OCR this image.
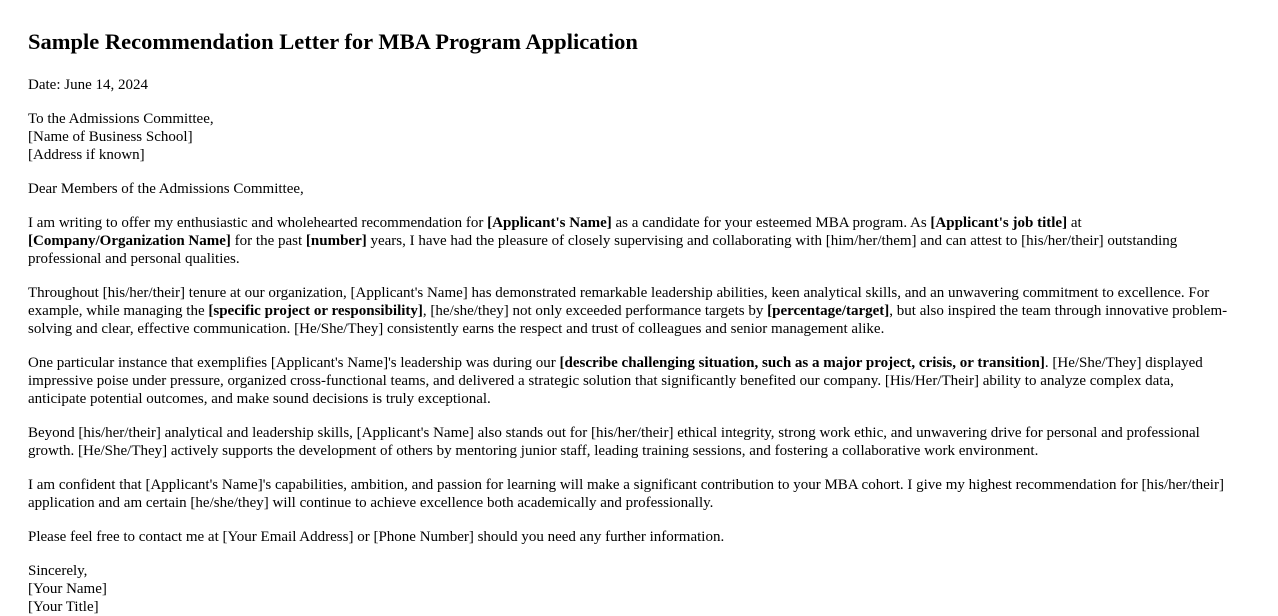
Sample Recommendation Letter for MBA Program Application

Date: June 14, 2024

To the Admissions Committee,
[Name of Business School]
[Address if known]

Dear Members of the Admissions Committee,

I am writing to offer my enthusiastic and wholehearted recommendation for [Applicant's Name] as a candidate for your esteemed MBA program. As [Applicant's job title] at [Company/Organization Name] for the past [number] years, I have had the pleasure of closely supervising and collaborating with [him/her/them] and can attest to [his/her/their] outstanding professional and personal qualities.

Throughout [his/her/their] tenure at our organization, [Applicant's Name] has demonstrated remarkable leadership abilities, keen analytical skills, and an unwavering commitment to excellence. For example, while managing the [specific project or responsibility], [he/she/they] not only exceeded performance targets by [percentage/target], but also inspired the team through innovative problem-solving and clear, effective communication. [He/She/They] consistently earns the respect and trust of colleagues and senior management alike.

One particular instance that exemplifies [Applicant's Name]'s leadership was during our [describe challenging situation, such as a major project, crisis, or transition]. [He/She/They] displayed impressive poise under pressure, organized cross-functional teams, and delivered a strategic solution that significantly benefited our company. [His/Her/Their] ability to analyze complex data, anticipate potential outcomes, and make sound decisions is truly exceptional.

Beyond [his/her/their] analytical and leadership skills, [Applicant's Name] also stands out for [his/her/their] ethical integrity, strong work ethic, and unwavering drive for personal and professional growth. [He/She/They] actively supports the development of others by mentoring junior staff, leading training sessions, and fostering a collaborative work environment.

I am confident that [Applicant's Name]'s capabilities, ambition, and passion for learning will make a significant contribution to your MBA cohort. I give my highest recommendation for [his/her/their] application and am certain [he/she/they] will continue to achieve excellence both academically and professionally.

Please feel free to contact me at [Your Email Address] or [Phone Number] should you need any further information.

Sincerely,
[Your Name]
[Your Title]
